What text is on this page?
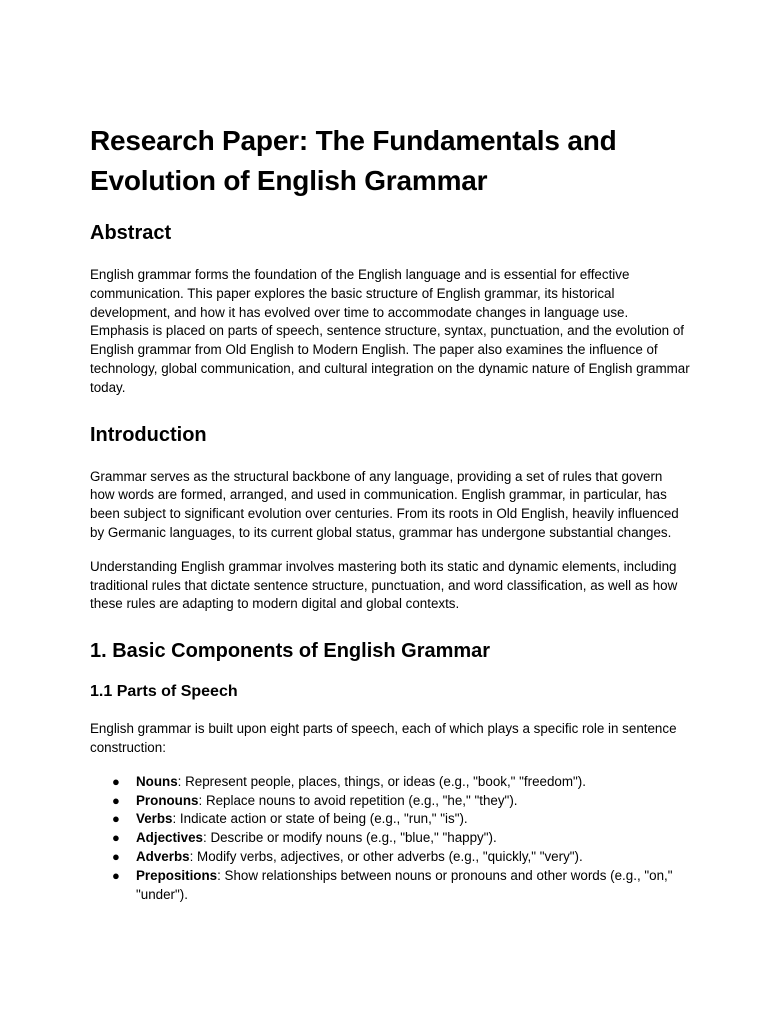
Research Paper: The Fundamentals and Evolution of English Grammar
Abstract

English grammar forms the foundation of the English language and is essential for effective communication. This paper explores the basic structure of English grammar, its historical development, and how it has evolved over time to accommodate changes in language use. Emphasis is placed on parts of speech, sentence structure, syntax, punctuation, and the evolution of English grammar from Old English to Modern English. The paper also examines the influence of technology, global communication, and cultural integration on the dynamic nature of English grammar today.

Introduction

Grammar serves as the structural backbone of any language, providing a set of rules that govern how words are formed, arranged, and used in communication. English grammar, in particular, has been subject to significant evolution over centuries. From its roots in Old English, heavily influenced by Germanic languages, to its current global status, grammar has undergone substantial changes.

Understanding English grammar involves mastering both its static and dynamic elements, including traditional rules that dictate sentence structure, punctuation, and word classification, as well as how these rules are adapting to modern digital and global contexts.

1. Basic Components of English Grammar
1.1 Parts of Speech

English grammar is built upon eight parts of speech, each of which plays a specific role in sentence construction:

● Nouns: Represent people, places, things, or ideas (e.g., "book," "freedom").
● Pronouns: Replace nouns to avoid repetition (e.g., "he," "they").
● Verbs: Indicate action or state of being (e.g., "run," "is").
● Adjectives: Describe or modify nouns (e.g., "blue," "happy").
● Adverbs: Modify verbs, adjectives, or other adverbs (e.g., "quickly," "very").
● Prepositions: Show relationships between nouns or pronouns and other words (e.g., "on," "under").
